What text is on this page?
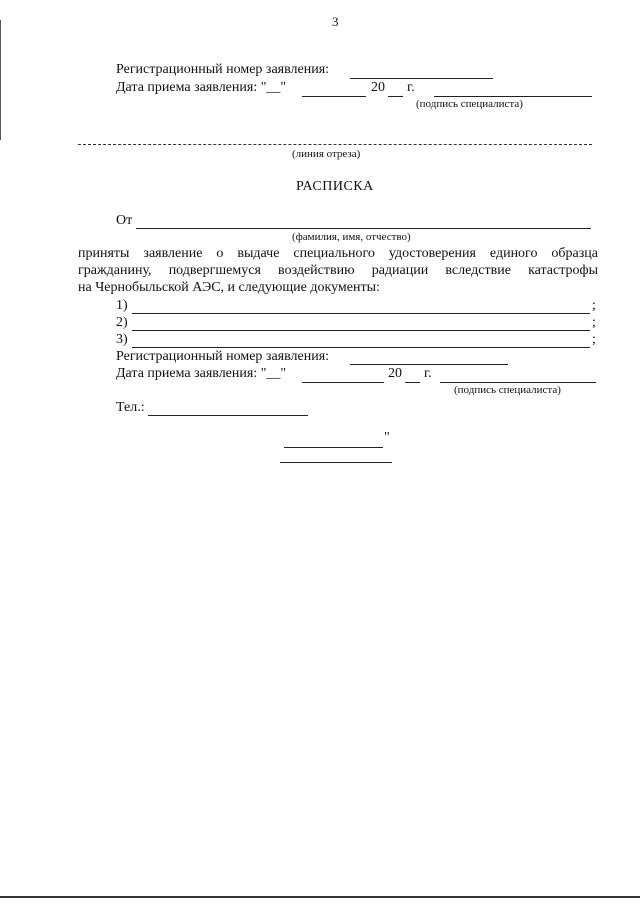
3
Регистрационный номер заявления:
Дата приема заявления: "__"	20 г.
(подпись специалиста)
(линия отреза)
РАСПИСКА
От
(фамилия, имя, отчество)
приняты заявление о выдаче специального удостоверения единого образца
гражданину, подвергшемуся воздействию радиации вследствие катастрофы
на Чернобыльской АЭС, и следующие документы:
1)	;
2)	;
3)	;
Регистрационный номер заявления:
Дата приема заявления: "__"	20 г.
(подпись специалиста)
Тел.:
"
